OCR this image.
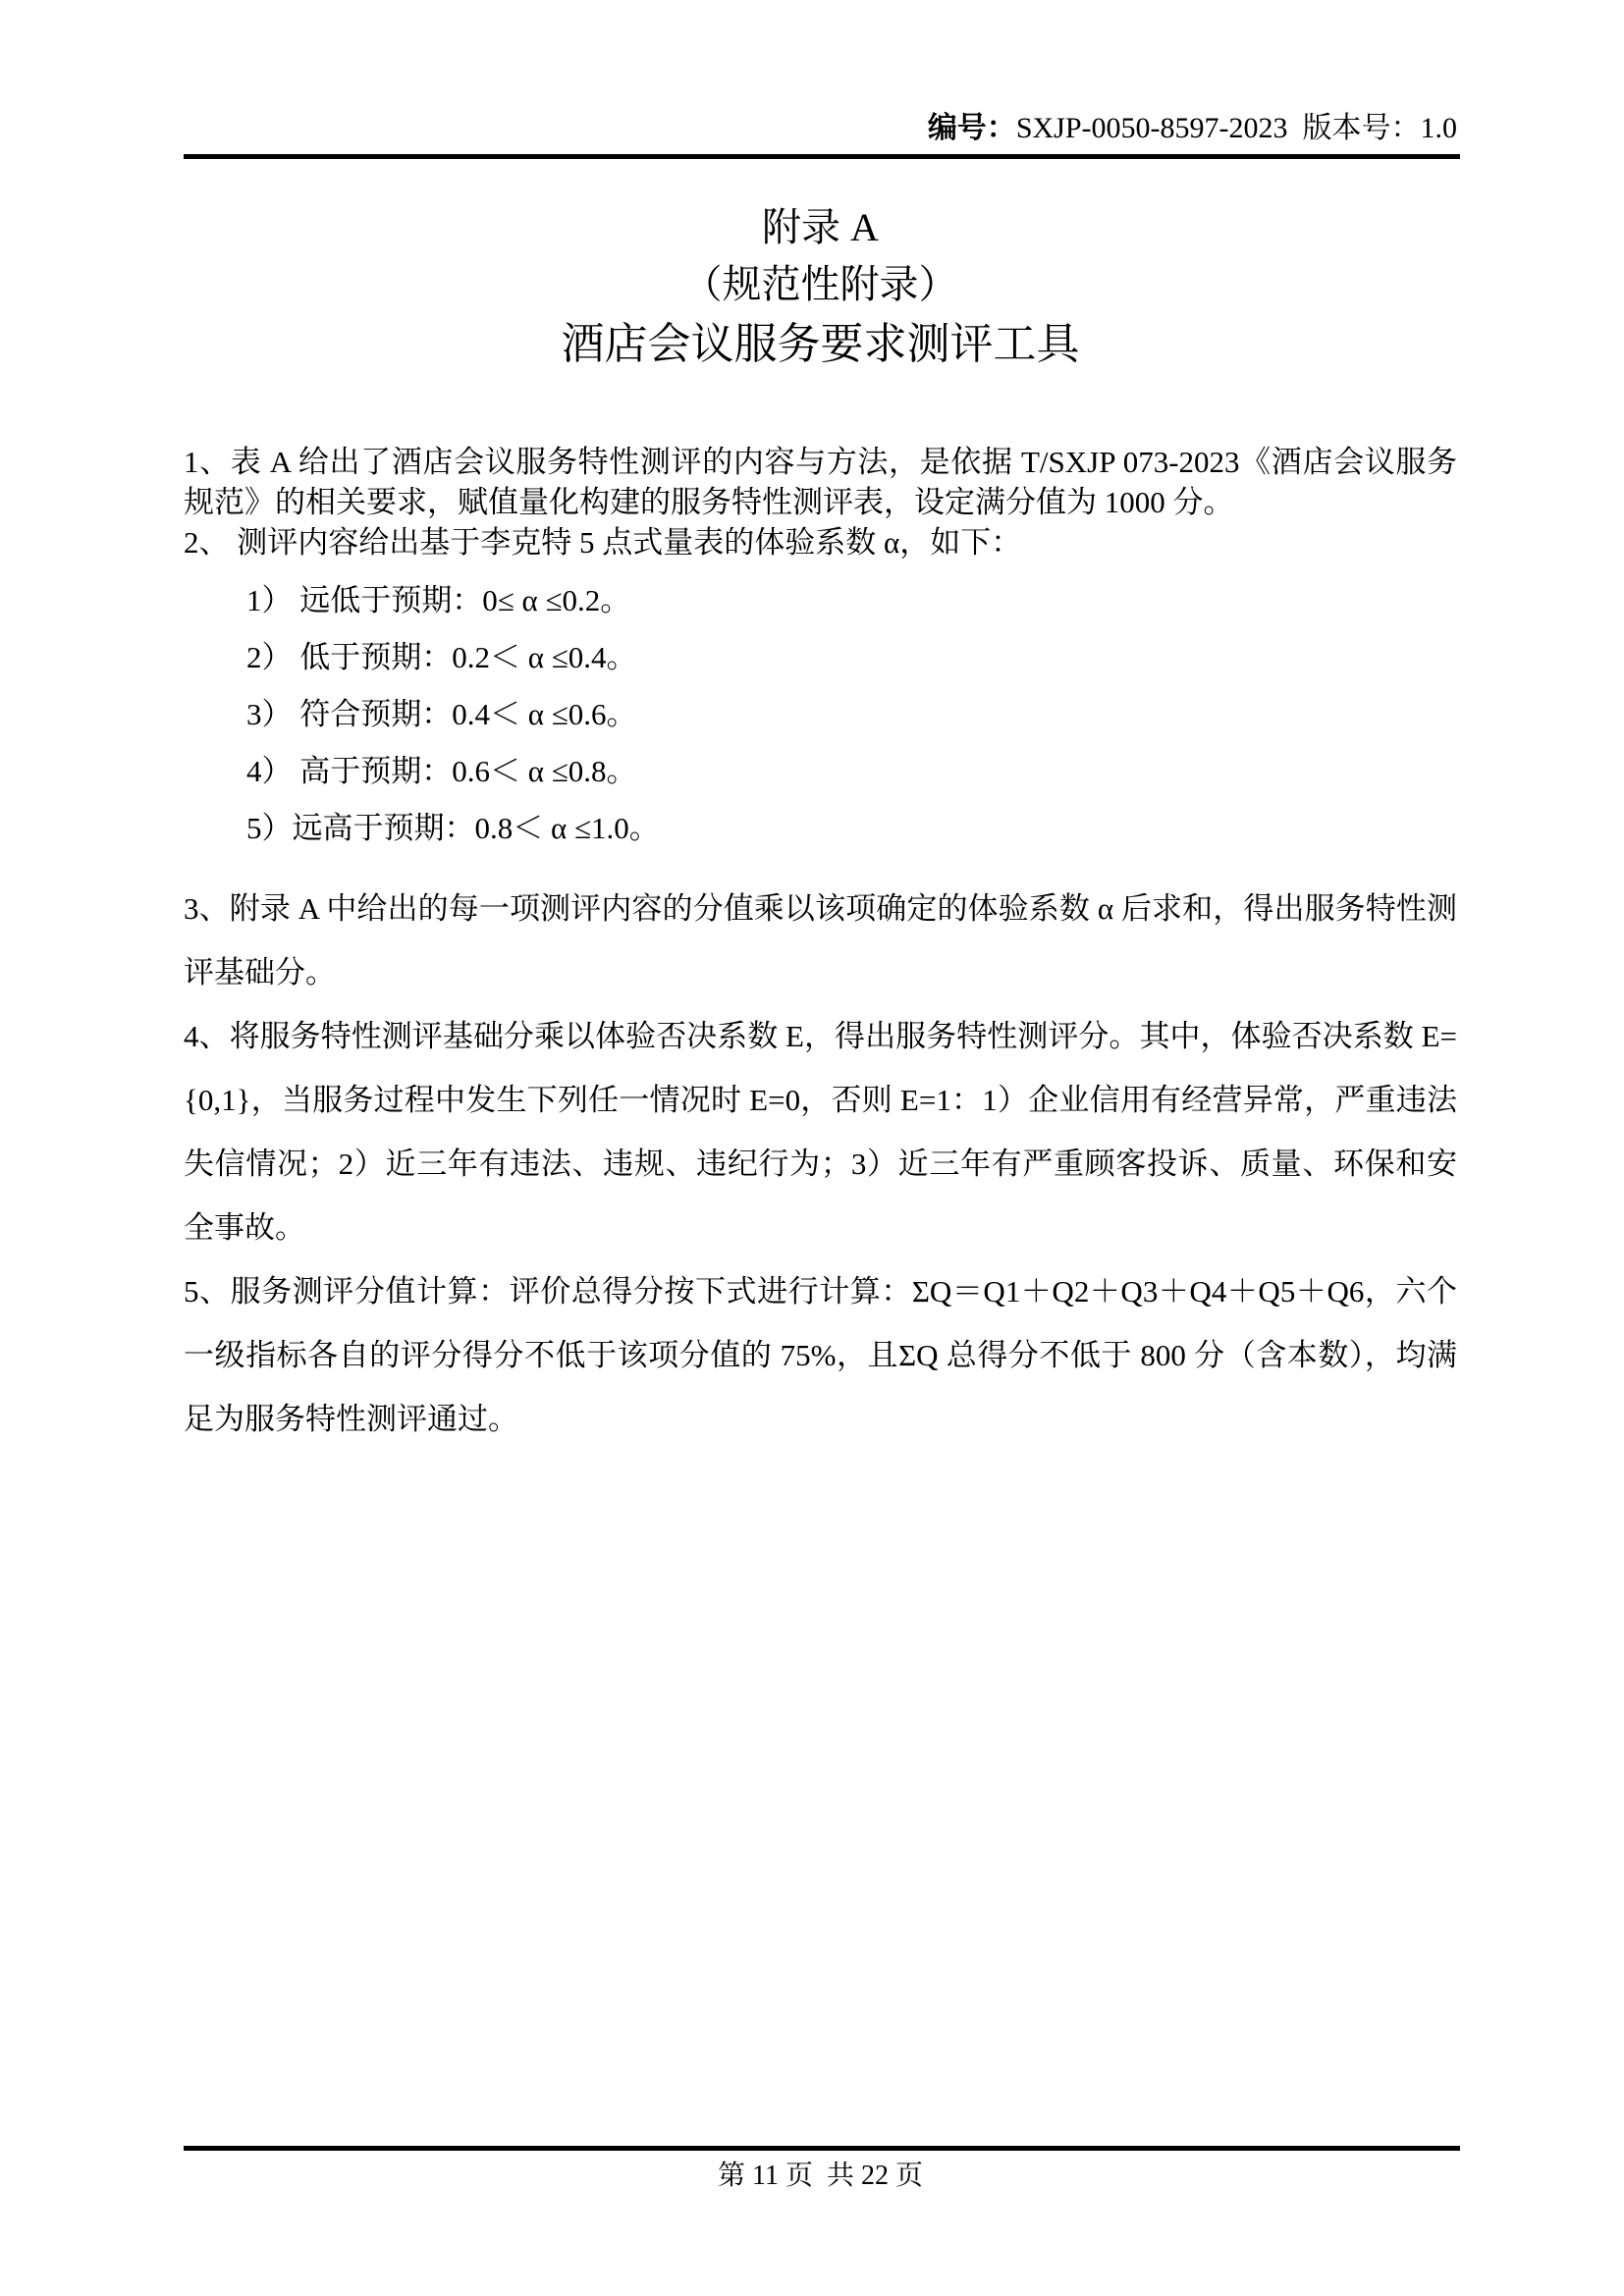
编号：SXJP-0050-8597-2023  版本号：1.0

附录 A

（规范性附录）

酒店会议服务要求测评工具

1、表 A 给出了酒店会议服务特性测评的内容与方法，是依据 T/SXJP 073-2023《酒店会议服务规范》的相关要求，赋值量化构建的服务特性测评表，设定满分值为 1000 分。

2、 测评内容给出基于李克特 5 点式量表的体验系数 α，如下：

1） 远低于预期：0≤ α ≤0.2。
2） 低于预期：0.2＜ α ≤0.4。
3） 符合预期：0.4＜ α ≤0.6。
4） 高于预期：0.6＜ α ≤0.8。
5）远高于预期：0.8＜ α ≤1.0。

3、附录 A 中给出的每一项测评内容的分值乘以该项确定的体验系数 α 后求和，得出服务特性测评基础分。

4、将服务特性测评基础分乘以体验否决系数 E，得出服务特性测评分。其中，体验否决系数 E={0,1}，当服务过程中发生下列任一情况时 E=0，否则 E=1：1）企业信用有经营异常，严重违法失信情况；2）近三年有违法、违规、违纪行为；3）近三年有严重顾客投诉、质量、环保和安全事故。

5、服务测评分值计算：评价总得分按下式进行计算：ΣQ＝Q1＋Q2＋Q3＋Q4＋Q5＋Q6，六个一级指标各自的评分得分不低于该项分值的 75%，且ΣQ 总得分不低于 800 分（含本数），均满足为服务特性测评通过。

第 11 页  共 22 页
